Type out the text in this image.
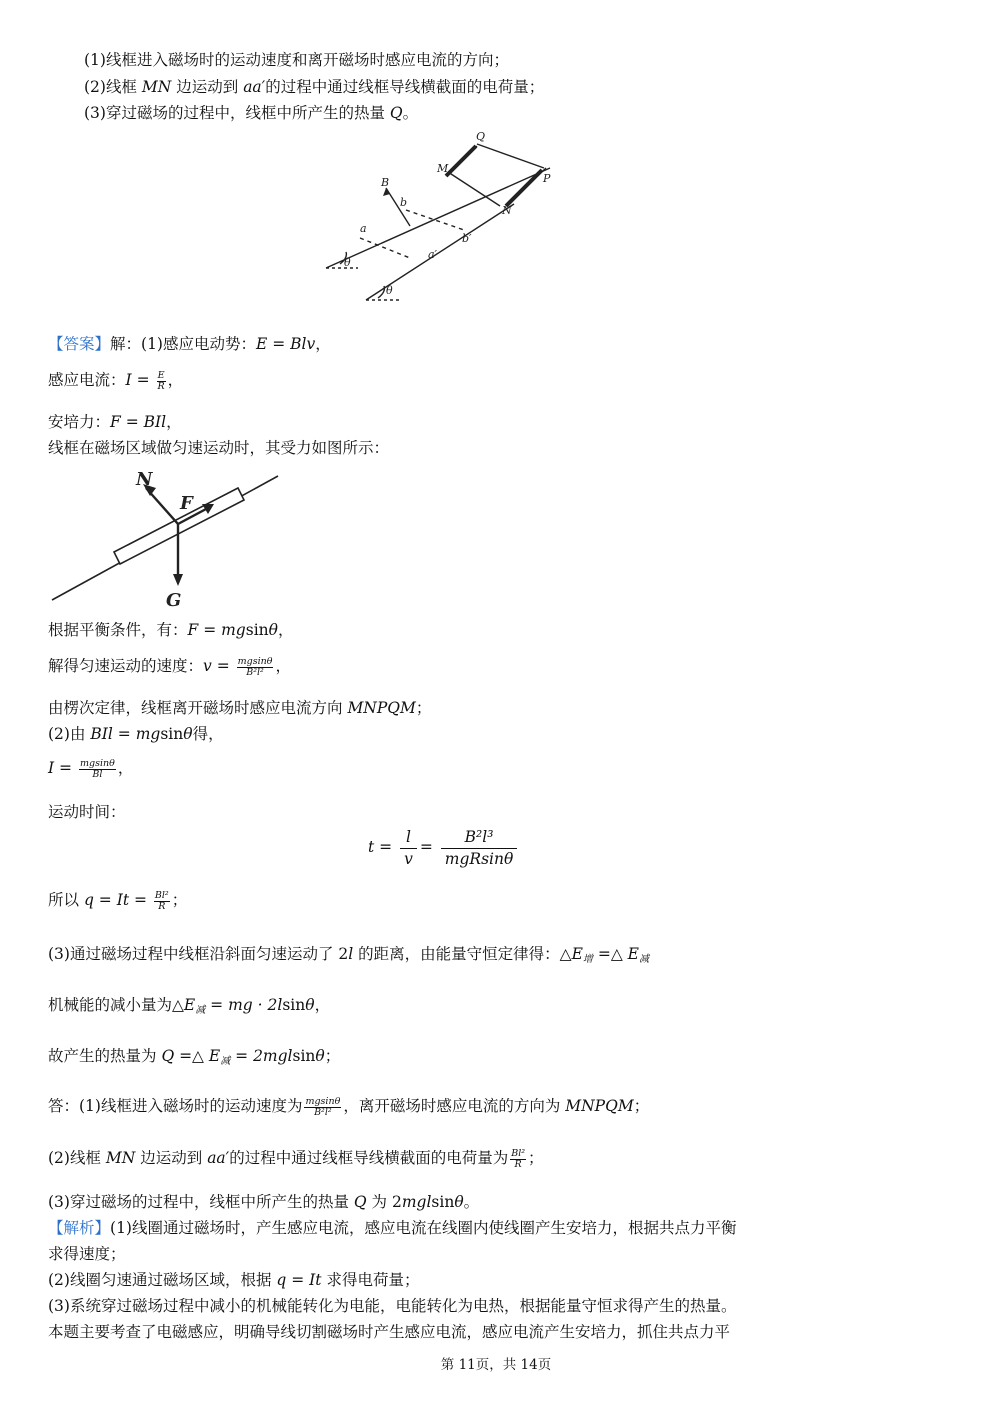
(1)线框进入磁场时的运动速度和离开磁场时感应电流的方向；
(2)线框 MN 边运动到 aa′的过程中通过线框导线横截面的电荷量；
(3)穿过磁场的过程中，线框中所产生的热量 Q。
Q
M
P
N
B
b
a
b′
a′
θ
θ
【答案】解：(1)感应电动势：E = Blv，
感应电流：$I = \frac{E}{R}$ ，
安培力：F = BIl，
线框在磁场区域做匀速运动时，其受力如图所示：
N
F
G
根据平衡条件，有：F = mgsinθ，
解得匀速运动的速度：$v = \frac{mgsin\theta}{\text{B²l²}}$ ，
由楞次定律，线框离开磁场时感应电流方向 MNPQM；
(2)由 BIl = mgsinθ得，
$I = \frac{mgsin\theta}{Bl}$ ，
运动时间：
$t = \frac{l}{v} = \frac{\text{B²l³}}{\text{mgRsinθ}}$
所以 $q = It = \frac{\text{Bl²}}{R}$ ；
(3)通过磁场过程中线框沿斜面匀速运动了 2l 的距离，由能量守恒定律得：$\triangle E_增$ =△ $E_减$
机械能的减小量为$\triangle E_减$ = mg · 2lsinθ，
故产生的热量为 Q =△ $E_减 = 2mglsin\theta$；
答：(1)线框进入磁场时的运动速度为 $\frac{mgsin\theta}{\text{B²l²}}$ ，离开磁场时感应电流的方向为 MNPQM；
(2)线框 MN 边运动到 aa′的过程中通过线框导线横截面的电荷量为 $\frac{\text{Bl²}}{R}$ ；
(3)穿过磁场的过程中，线框中所产生的热量 Q 为 2mglsinθ。
【解析】(1)线圈通过磁场时，产生感应电流，感应电流在线圈内使线圈产生安培力，根据共点力平衡
求得速度；
(2)线圈匀速通过磁场区域，根据 q = It 求得电荷量；
(3)系统穿过磁场过程中减小的机械能转化为电能，电能转化为电热，根据能量守恒求得产生的热量。
本题主要考查了电磁感应，明确导线切割磁场时产生感应电流，感应电流产生安培力，抓住共点力平
第 11页，共 14页
